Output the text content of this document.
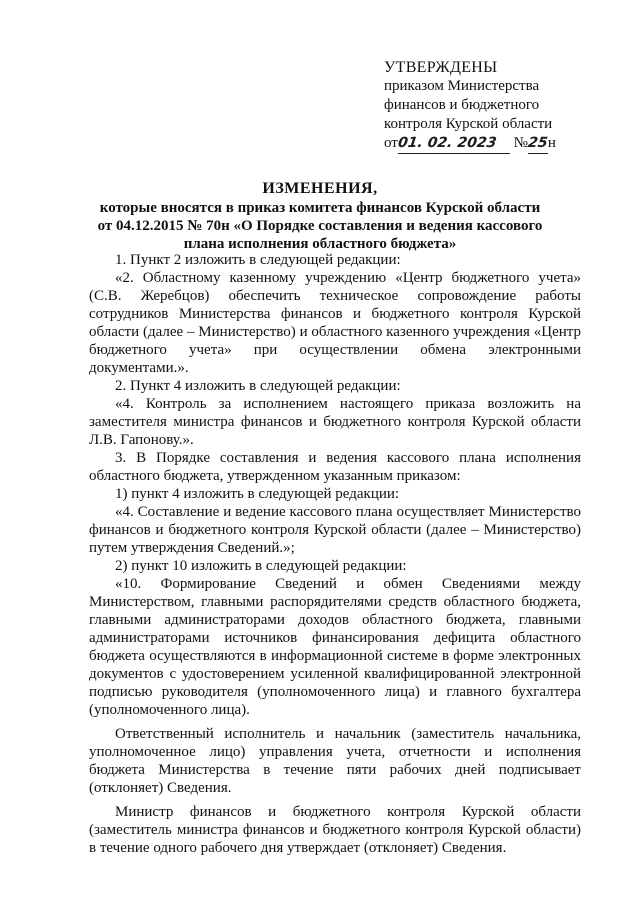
УТВЕРЖДЕНЫ
приказом Министерства
финансов и бюджетного
контроля Курской области
от01. 02. 2023 №25н
ИЗМЕНЕНИЯ,
которые вносятся в приказ комитета финансов Курской области
от 04.12.2015 № 70н «О Порядке составления и ведения кассового
плана исполнения областного бюджета»

1. Пункт 2 изложить в следующей редакции:

«2. Областному казенному учреждению «Центр бюджетного учета» (С.В. Жеребцов) обеспечить техническое сопровождение работы сотрудников Министерства финансов и бюджетного контроля Курской области (далее – Министерство) и областного казенного учреждения «Центр бюджетного учета» при осуществлении обмена электронными документами.».

2. Пункт 4 изложить в следующей редакции:

«4. Контроль за исполнением настоящего приказа возложить на заместителя министра финансов и бюджетного контроля Курской области Л.В. Гапонову.».

3. В Порядке составления и ведения кассового плана исполнения областного бюджета, утвержденном указанным приказом:

1) пункт 4 изложить в следующей редакции:

«4. Составление и ведение кассового плана осуществляет Министерство финансов и бюджетного контроля Курской области (далее – Министерство) путем утверждения Сведений.»;

2) пункт 10 изложить в следующей редакции:

«10. Формирование Сведений и обмен Сведениями между Министерством, главными распорядителями средств областного бюджета, главными администраторами доходов областного бюджета, главными администраторами источников финансирования дефицита областного бюджета осуществляются в информационной системе в форме электронных документов с удостоверением усиленной квалифицированной электронной подписью руководителя (уполномоченного лица) и главного бухгалтера (уполномоченного лица).

Ответственный исполнитель и начальник (заместитель начальника, уполномоченное лицо) управления учета, отчетности и исполнения бюджета Министерства в течение пяти рабочих дней подписывает (отклоняет) Сведения.

Министр финансов и бюджетного контроля Курской области (заместитель министра финансов и бюджетного контроля Курской области) в течение одного рабочего дня утверждает (отклоняет) Сведения.
